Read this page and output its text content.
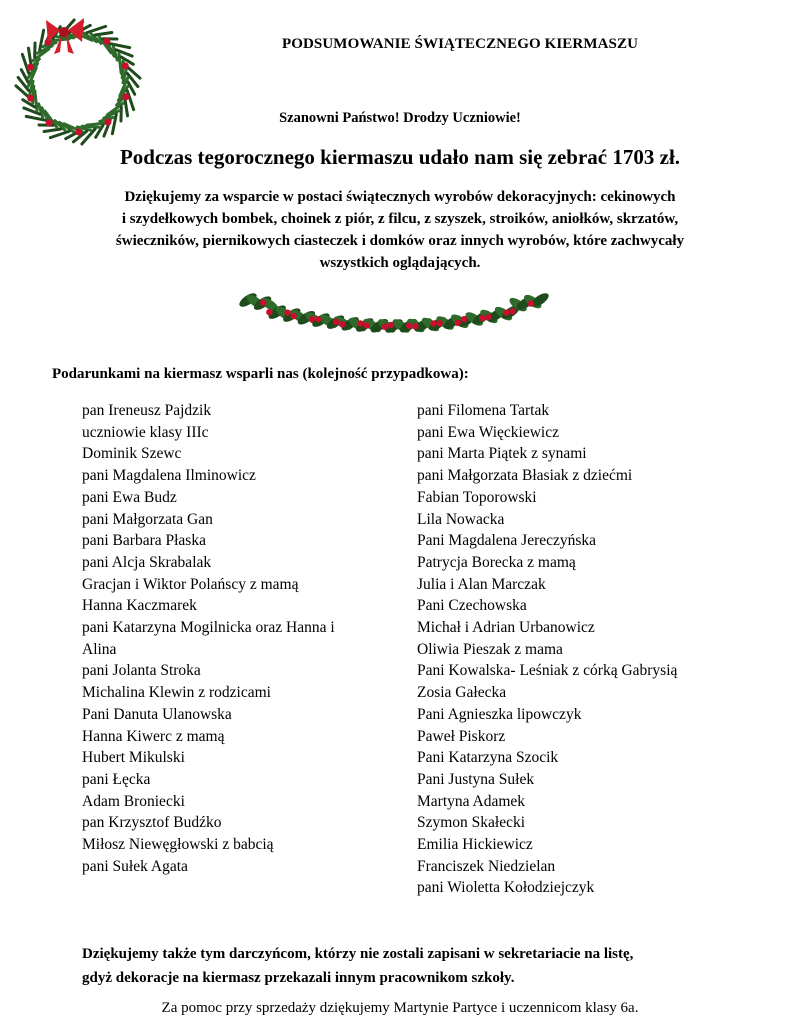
PODSUMOWANIE ŚWIĄTECZNEGO KIERMASZU
Szanowni Państwo! Drodzy Uczniowie!
Podczas tegorocznego kiermaszu udało nam się zebrać 1703 zł.
Dziękujemy za wsparcie w postaci świątecznych wyrobów dekoracyjnych: cekinowych
i szydełkowych bombek, choinek z piór, z filcu, z szyszek, stroików, aniołków, skrzatów,
świeczników, piernikowych ciasteczek i domków oraz innych wyrobów, które zachwycały
wszystkich oglądających.
Podarunkami na kiermasz wsparli nas (kolejność przypadkowa):
pan Ireneusz Pajdzik
uczniowie klasy IIIc
Dominik Szewc
pani Magdalena Ilminowicz
pani Ewa Budz
pani Małgorzata Gan
pani Barbara Płaska
pani Alcja Skrabalak
Gracjan i Wiktor Polańscy z mamą
Hanna Kaczmarek
pani Katarzyna Mogilnicka oraz Hanna i
Alina
pani Jolanta Stroka
Michalina Klewin z rodzicami
Pani Danuta Ulanowska
Hanna Kiwerc z mamą
Hubert Mikulski
pani Łęcka
Adam Broniecki
pan Krzysztof Budźko
Miłosz Niewęgłowski z babcią
pani Sułek Agata
pani Filomena Tartak
pani Ewa Więckiewicz
pani Marta Piątek z synami
pani Małgorzata Błasiak z dziećmi
Fabian Toporowski
Lila Nowacka
Pani Magdalena Jereczyńska
Patrycja Borecka z mamą
Julia i Alan Marczak
Pani Czechowska
Michał i Adrian Urbanowicz
Oliwia Pieszak z mama
Pani Kowalska- Leśniak z córką Gabrysią
Zosia Gałecka
Pani Agnieszka lipowczyk
Paweł Piskorz
Pani Katarzyna Szocik
Pani Justyna Sułek
Martyna Adamek
Szymon Skałecki
Emilia Hickiewicz
Franciszek Niedzielan
pani Wioletta Kołodziejczyk
Dziękujemy także tym darczyńcom, którzy nie zostali zapisani w sekretariacie na listę,
gdyż dekoracje na kiermasz przekazali innym pracownikom szkoły.
Za pomoc przy sprzedaży dziękujemy Martynie Partyce i uczennicom klasy 6a.
